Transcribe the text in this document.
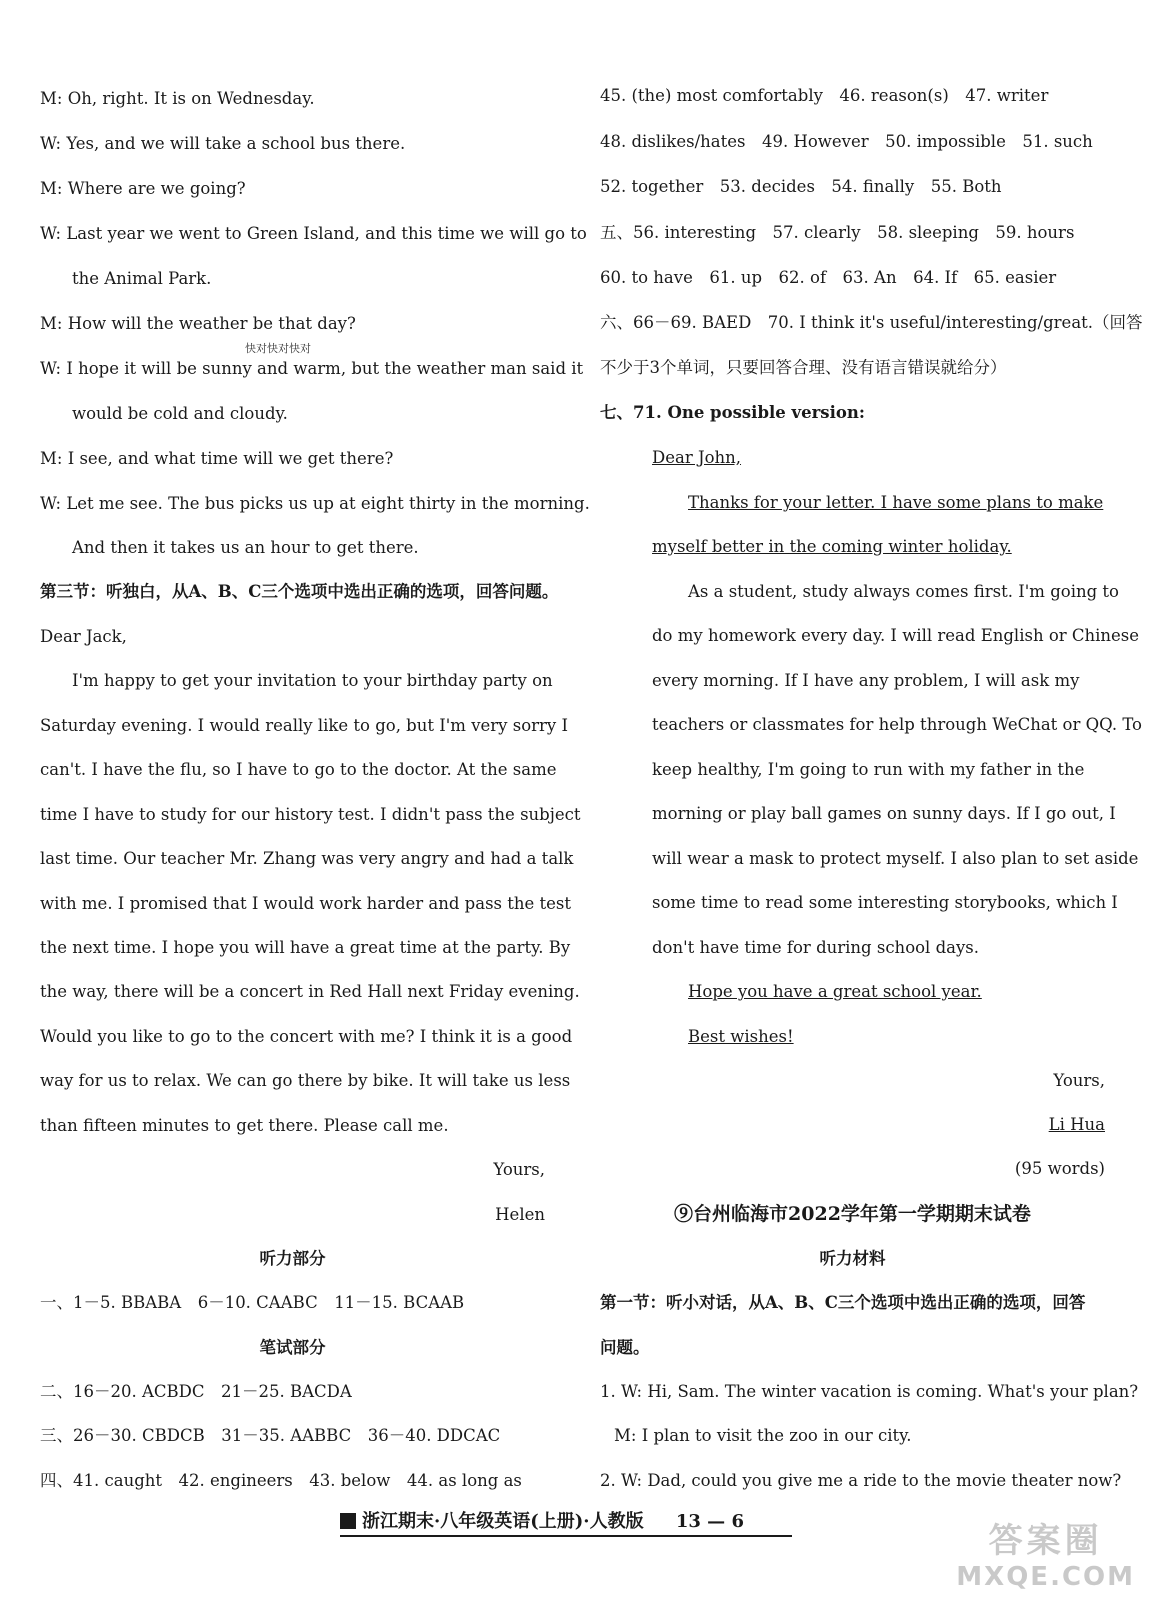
M: Oh, right. It is on Wednesday.
W: Yes, and we will take a school bus there.
M: Where are we going?
W: Last year we went to Green Island, and this time we will go to
the Animal Park.
M: How will the weather be that day?
快对快对快对
W: I hope it will be sunny and warm, but the weather man said it
would be cold and cloudy.
M: I see, and what time will we get there?
W: Let me see. The bus picks us up at eight thirty in the morning.
And then it takes us an hour to get there.
第三节：听独白，从A、B、C三个选项中选出正确的选项，回答问题。
Dear Jack,
I'm happy to get your invitation to your birthday party on
Saturday evening. I would really like to go, but I'm very sorry I
can't. I have the flu, so I have to go to the doctor. At the same
time I have to study for our history test. I didn't pass the subject
last time. Our teacher Mr. Zhang was very angry and had a talk
with me. I promised that I would work harder and pass the test
the next time. I hope you will have a great time at the party. By
the way, there will be a concert in Red Hall next Friday evening.
Would you like to go to the concert with me? I think it is a good
way for us to relax. We can go there by bike. It will take us less
than fifteen minutes to get there. Please call me.
Yours,
Helen
听力部分
一、1－5. BBABA　6－10. CAABC　11－15. BCAAB
笔试部分
二、16－20. ACBDC　21－25. BACDA
三、26－30. CBDCB　31－35. AABBC　36－40. DDCAC
四、41. caught　42. engineers　43. below　44. as long as
45. (the) most comfortably　46. reason(s)　47. writer
48. dislikes/hates　49. However　50. impossible　51. such
52. together　53. decides　54. finally　55. Both
五、56. interesting　57. clearly　58. sleeping　59. hours
60. to have　61. up　62. of　63. An　64. If　65. easier
六、66－69. BAED　70. I think it's useful/interesting/great.（回答
不少于3个单词，只要回答合理、没有语言错误就给分）
七、71. One possible version:
Dear John,
Thanks for your letter. I have some plans to make
myself better in the coming winter holiday.
As a student, study always comes first. I'm going to
do my homework every day. I will read English or Chinese
every morning. If I have any problem, I will ask my
teachers or classmates for help through WeChat or QQ. To
keep healthy, I'm going to run with my father in the
morning or play ball games on sunny days. If I go out, I
will wear a mask to protect myself. I also plan to set aside
some time to read some interesting storybooks, which I
don't have time for during school days.
Hope you have a great school year.
Best wishes!
Yours,
Li Hua
(95 words)
⑨台州临海市2022学年第一学期期末试卷
听力材料
第一节：听小对话，从A、B、C三个选项中选出正确的选项，回答
问题。
1. W: Hi, Sam. The winter vacation is coming. What's your plan?
M: I plan to visit the zoo in our city.
2. W: Dad, could you give me a ride to the movie theater now?
浙江期末·八年级英语(上册)·人教版 13 — 6	答案圈
MXQE.COM
